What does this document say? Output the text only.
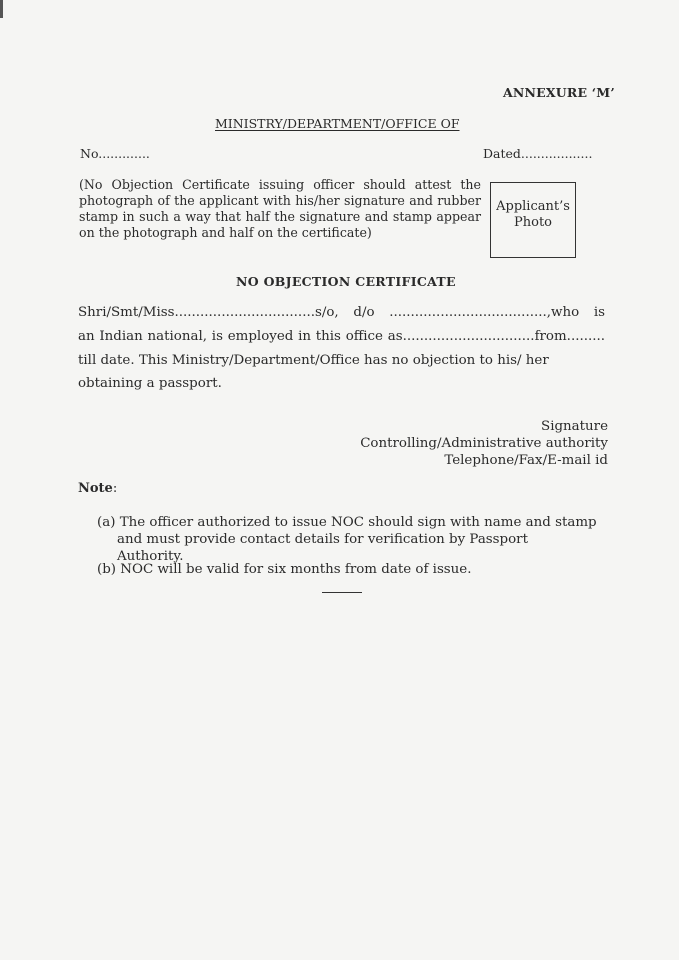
ANNEXURE ‘M’
MINISTRY/DEPARTMENT/OFFICE OF
No.............	Dated..................
(No Objection Certificate issuing officer should attest the photograph of the applicant with his/her signature and rubber stamp in such a way that half the signature and stamp appear on the photograph and half on the certificate)
Applicant’s
Photo
NO OBJECTION CERTIFICATE
Shri/Smt/Miss.................................s/o, d/o .....................................,who is
an Indian national, is employed in this office as...............................from.........
till date. This Ministry/Department/Office has no objection to his/ her
obtaining a passport.
Signature
Controlling/Administrative authority
Telephone/Fax/E-mail id
Note:
(a) The officer authorized to issue NOC should sign with name and stamp
and must provide contact details for verification by Passport Authority.
(b) NOC will be valid for six months from date of issue.
